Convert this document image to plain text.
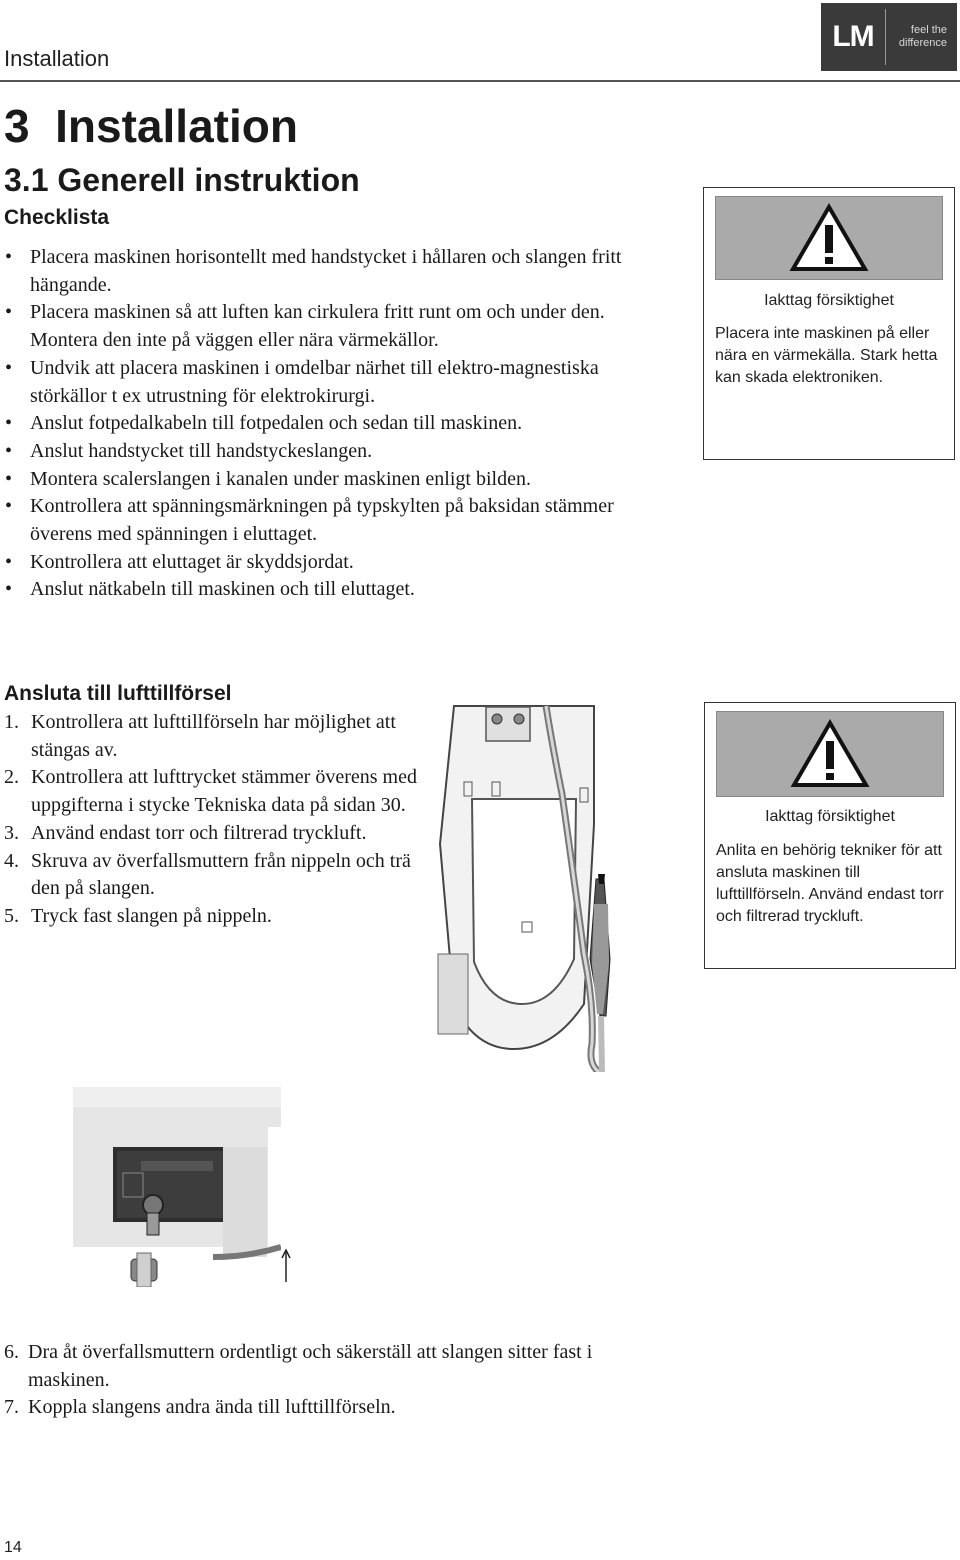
Installation
LM	feel the
difference
3  Installation
3.1 Generell instruktion
Checklista
• Placera maskinen horisontellt med handstycket i hållaren och slangen fritt hängande.
• Placera maskinen så att luften kan cirkulera fritt runt om och under den. Montera den inte på väggen eller nära värmekällor.
• Undvik att placera maskinen i omdelbar närhet till elektro-magnestiska störkällor t ex utrustning för elektrokirurgi.
• Anslut fotpedalkabeln till fotpedalen och sedan till maskinen.
• Anslut handstycket till handstyckeslangen.
• Montera scalerslangen i kanalen under maskinen enligt bilden.
• Kontrollera att spänningsmärkningen på typskylten på baksidan stämmer överens med spänningen i eluttaget.
• Kontrollera att eluttaget är skyddsjordat.
• Anslut nätkabeln till maskinen och till eluttaget.
Iakttag försiktighet
Placera inte maskinen på eller nära en värmekälla. Stark hetta kan skada elektroniken.
Ansluta till lufttillförsel
1. Kontrollera att lufttillförseln har möjlighet att stängas av.
2. Kontrollera att lufttrycket stämmer överens med uppgifterna i stycke Tekniska data på sidan 30.
3. Använd endast torr och filtrerad tryckluft.
4. Skruva av överfallsmuttern från nippeln och trä den på slangen.
5. Tryck fast slangen på nippeln.
Iakttag försiktighet
Anlita en behörig tekniker för att ansluta maskinen till lufttillförseln. Använd endast torr och filtrerad tryckluft.
6. Dra åt överfallsmuttern ordentligt och säkerställ att slangen sitter fast i maskinen.
7. Koppla slangens andra ända till lufttillförseln.
14
